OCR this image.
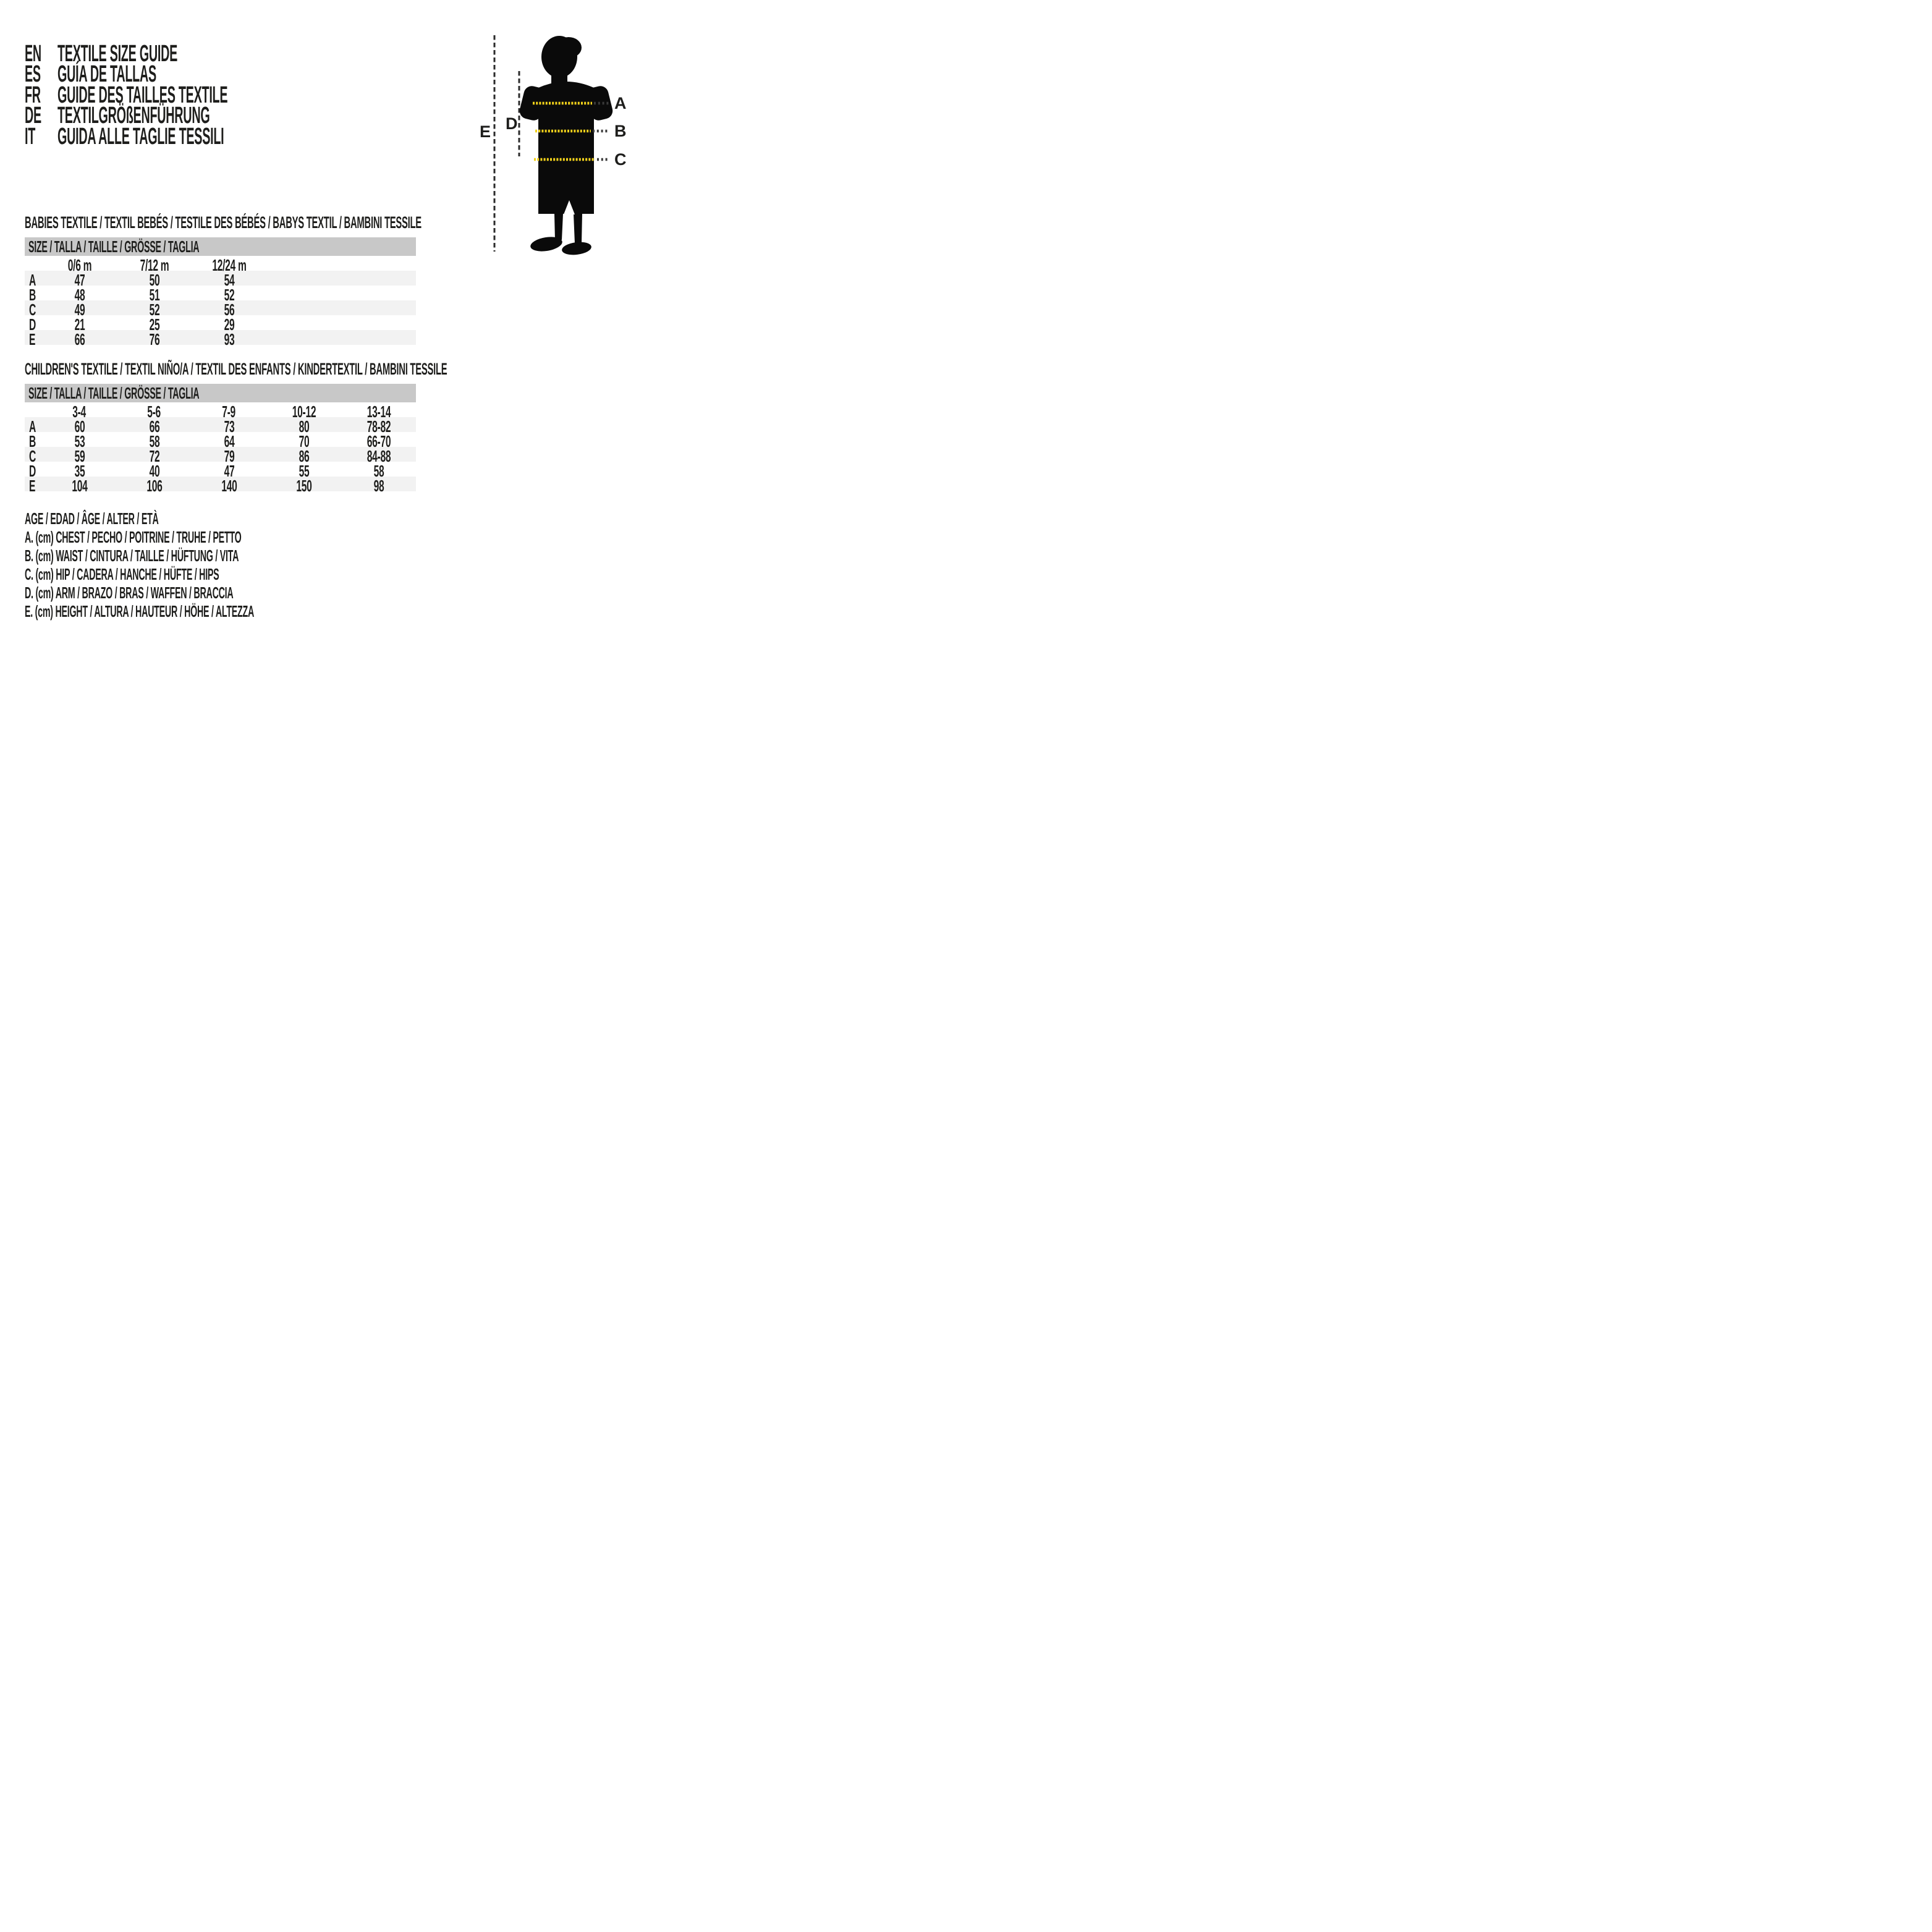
EN TEXTILE SIZE GUIDE
ES GUÍA DE TALLAS
FR GUIDE DES TAILLES TEXTILE
DE TEXTILGRÖßENFÜHRUNG
IT GUIDA ALLE TAGLIE TESSILI
A
B
C
D
E
BABIES TEXTILE / TEXTIL BEBÉS / TESTILE DES BÉBÉS / BABYS TEXTIL / BAMBINI TESSILE
SIZE / TALLA / TAILLE / GRÖSSE / TAGLIA
0/6 m	7/12 m	12/24 m
A 47	50	54
B 48	51	52
C 49	52	56
D 21	25	29
E 66	76	93
CHILDREN'S TEXTILE / TEXTIL NIÑO/A / TEXTIL DES ENFANTS / KINDERTEXTIL / BAMBINI TESSILE
SIZE / TALLA / TAILLE / GRÖSSE / TAGLIA
3-4	5-6	7-9	10-12	13-14
A 60	66	73	80	78-82
B 53	58	64	70	66-70
C 59	72	79	86	84-88
D 35	40	47	55	58
E 104	106	140	150	98
AGE / EDAD / ÂGE / ALTER / ETÀ
A. (cm) CHEST / PECHO / POITRINE / TRUHE / PETTO
B. (cm) WAIST / CINTURA / TAILLE / HÜFTUNG / VITA
C. (cm) HIP / CADERA / HANCHE / HÜFTE / HIPS
D. (cm) ARM / BRAZO / BRAS / WAFFEN / BRACCIA
E. (cm) HEIGHT / ALTURA / HAUTEUR / HÖHE / ALTEZZA
